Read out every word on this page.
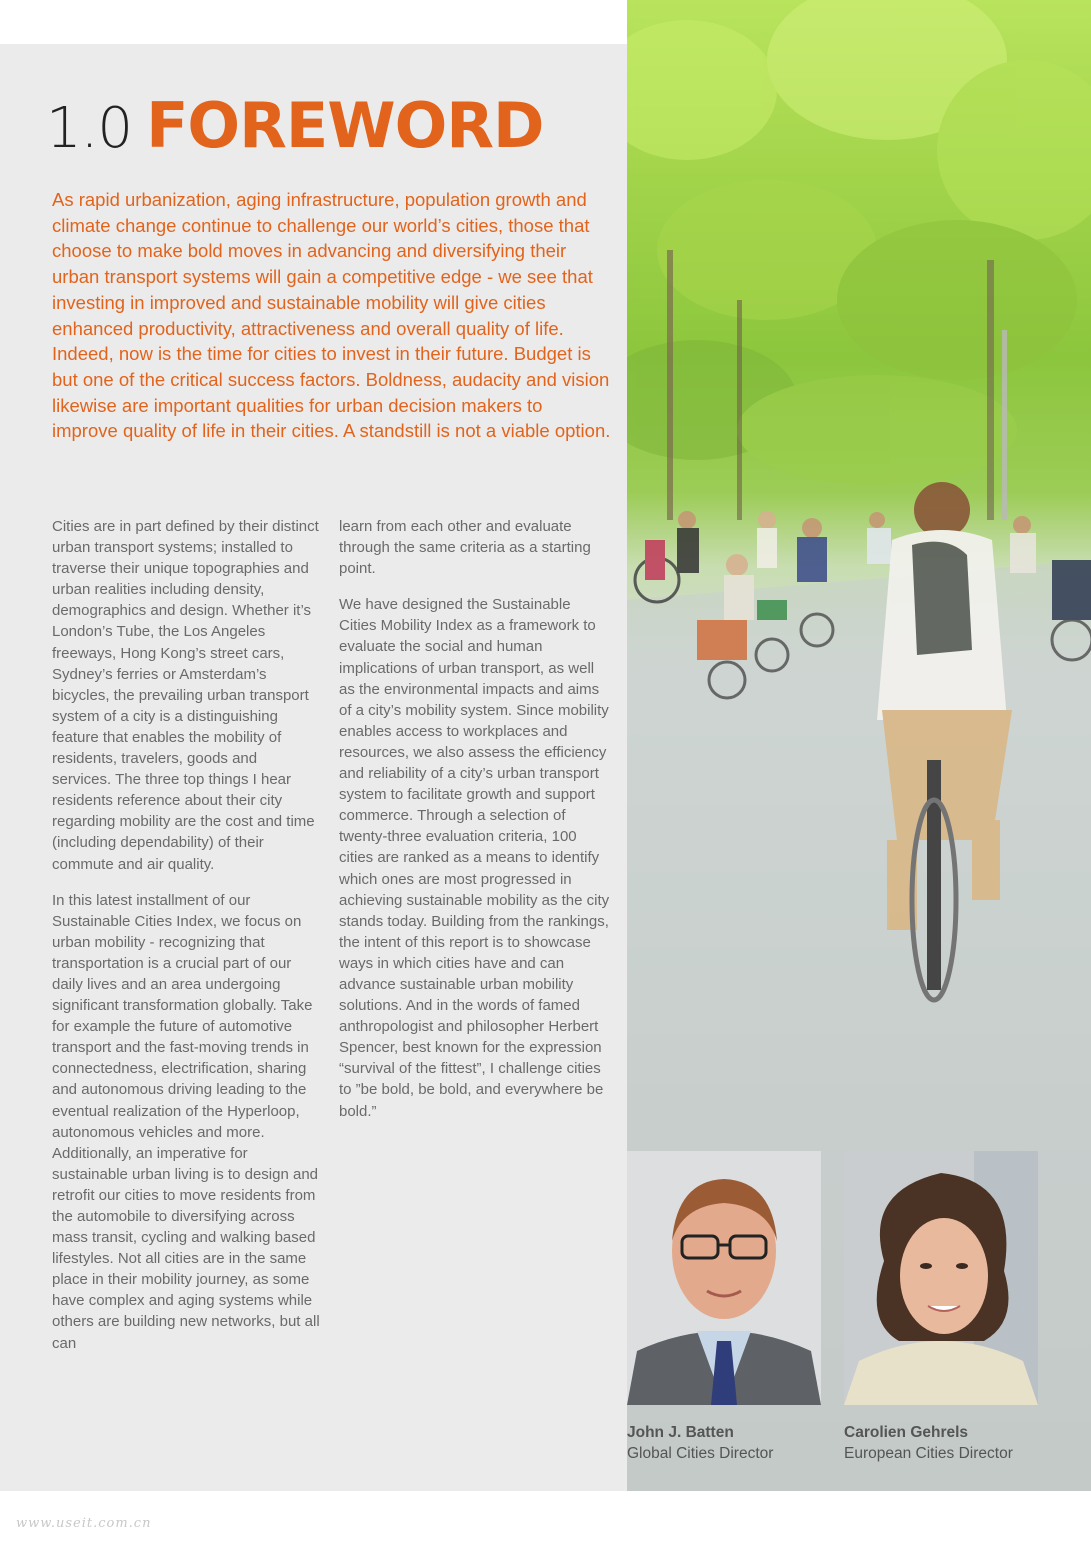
1.0 FOREWORD

As rapid urbanization, aging infrastructure, population growth and climate change continue to challenge our world’s cities, those that choose to make bold moves in advancing and diversifying their urban transport systems will gain a competitive edge - we see that investing in improved and sustainable mobility will give cities enhanced productivity, attractiveness and overall quality of life. Indeed, now is the time for cities to invest in their future. Budget is but one of the critical success factors. Boldness, audacity and vision likewise are important qualities for urban decision makers to improve quality of life in their cities. A standstill is not a viable option.

Cities are in part defined by their distinct urban transport systems; installed to traverse their unique topographies and urban realities including density, demographics and design. Whether it’s London’s Tube, the Los Angeles freeways, Hong Kong’s street cars, Sydney’s ferries or Amsterdam’s bicycles, the prevailing urban transport system of a city is a distinguishing feature that enables the mobility of residents, travelers, goods and services. The three top things I hear residents reference about their city regarding mobility are the cost and time (including dependability) of their commute and air quality.

In this latest installment of our Sustainable Cities Index, we focus on urban mobility - recognizing that transportation is a crucial part of our daily lives and an area undergoing significant transformation globally. Take for example the future of automotive transport and the fast-moving trends in connectedness, electrification, sharing and autonomous driving leading to the eventual realization of the Hyperloop, autonomous vehicles and more. Additionally, an imperative for sustainable urban living is to design and retrofit our cities to move residents from the automobile to diversifying across mass transit, cycling and walking based lifestyles. Not all cities are in the same place in their mobility journey, as some have complex and aging systems while others are building new networks, but all can

learn from each other and evaluate through the same criteria as a starting point.

We have designed the Sustainable Cities Mobility Index as a framework to evaluate the social and human implications of urban transport, as well as the environmental impacts and aims of a city’s mobility system. Since mobility enables access to workplaces and resources, we also assess the efficiency and reliability of a city’s urban transport system to facilitate growth and support commerce. Through a selection of twenty-three evaluation criteria, 100 cities are ranked as a means to identify which ones are most progressed in achieving sustainable mobility as the city stands today. Building from the rankings, the intent of this report is to showcase ways in which cities have and can advance sustainable urban mobility solutions. And in the words of famed anthropologist and philosopher Herbert Spencer, best known for the expression “survival of the fittest”, I challenge cities to ”be bold, be bold, and everywhere be bold.”

John J. Batten
Global Cities Director
Carolien Gehrels
European Cities Director
www.useit.com.cn
